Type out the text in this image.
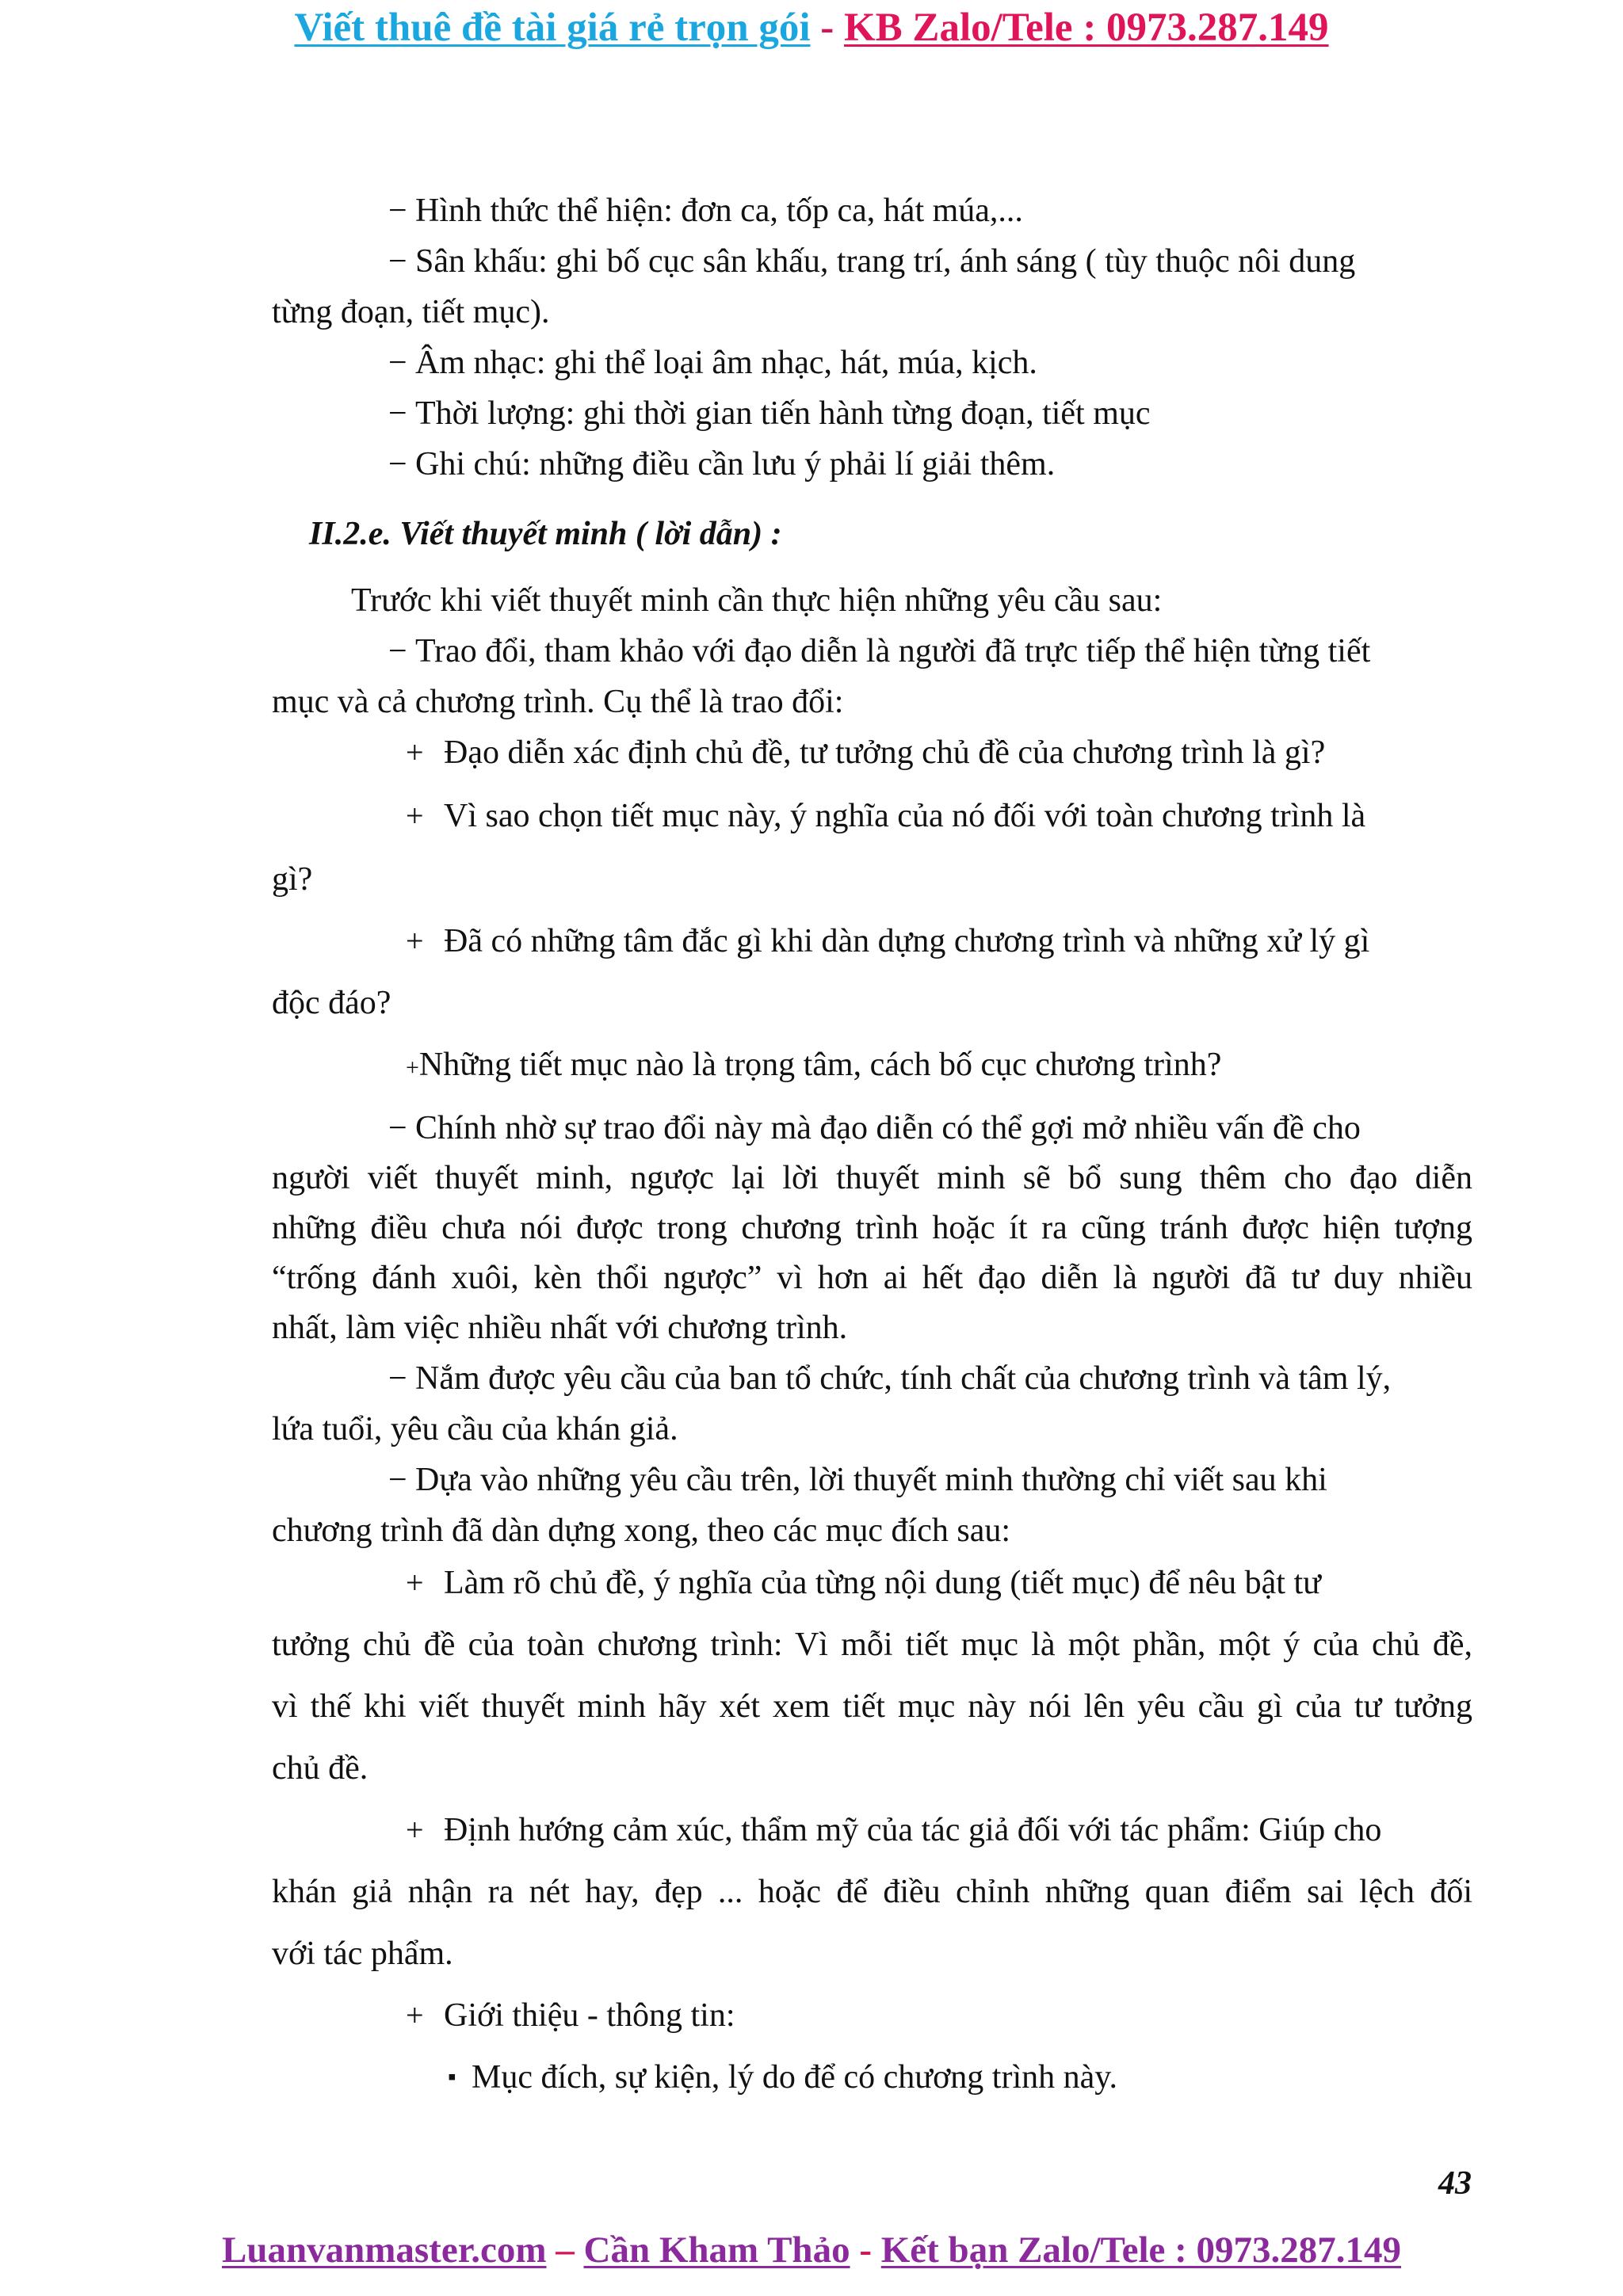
Viết thuê đề tài giá rẻ trọn gói - KB Zalo/Tele : 0973.287.149
− Hình thức thể hiện: đơn ca, tốp ca, hát múa,...
− Sân khấu: ghi bố cục sân khấu, trang trí, ánh sáng ( tùy thuộc nôi dung
từng đoạn, tiết mục).
− Âm nhạc: ghi thể loại âm nhạc, hát, múa, kịch.
− Thời lượng: ghi thời gian tiến hành từng đoạn, tiết mục
− Ghi chú: những điều cần lưu ý phải lí giải thêm.
II.2.e. Viết thuyết minh ( lời dẫn) :
Trước khi viết thuyết minh cần thực hiện những yêu cầu sau:
− Trao đổi, tham khảo với đạo diễn là người đã trực tiếp thể hiện từng tiết
mục và cả chương trình. Cụ thể là trao đổi:
+ Đạo diễn xác định chủ đề, tư tưởng chủ đề của chương trình là gì?
+ Vì sao chọn tiết mục này, ý nghĩa của nó đối với toàn chương trình là
gì?
+ Đã có những tâm đắc gì khi dàn dựng chương trình và những xử lý gì
độc đáo?
+Những tiết mục nào là trọng tâm, cách bố cục chương trình?
− Chính nhờ sự trao đổi này mà đạo diễn có thể gợi mở nhiều vấn đề cho
người viết thuyết minh, ngược lại lời thuyết minh sẽ bổ sung thêm cho đạo diễn
những điều chưa nói được trong chương trình hoặc ít ra cũng tránh được hiện tượng
“trống đánh xuôi, kèn thổi ngược” vì hơn ai hết đạo diễn là người đã tư duy nhiều
nhất, làm việc nhiều nhất với chương trình.
− Nắm được yêu cầu của ban tổ chức, tính chất của chương trình và tâm lý,
lứa tuổi, yêu cầu của khán giả.
− Dựa vào những yêu cầu trên, lời thuyết minh thường chỉ viết sau khi
chương trình đã dàn dựng xong, theo các mục đích sau:
+ Làm rõ chủ đề, ý nghĩa của từng nội dung (tiết mục) để nêu bật tư
tưởng chủ đề của toàn chương trình: Vì mỗi tiết mục là một phần, một ý của chủ đề,
vì thế khi viết thuyết minh hãy xét xem tiết mục này nói lên yêu cầu gì của tư tưởng
chủ đề.
+ Định hướng cảm xúc, thẩm mỹ của tác giả đối với tác phẩm: Giúp cho
khán giả nhận ra nét hay, đẹp ... hoặc để điều chỉnh những quan điểm sai lệch đối
với tác phẩm.
+ Giới thiệu - thông tin:
▪ Mục đích, sự kiện, lý do để có chương trình này.
43
Luanvanmaster.com – Cần Kham Thảo - Kết bạn Zalo/Tele : 0973.287.149
